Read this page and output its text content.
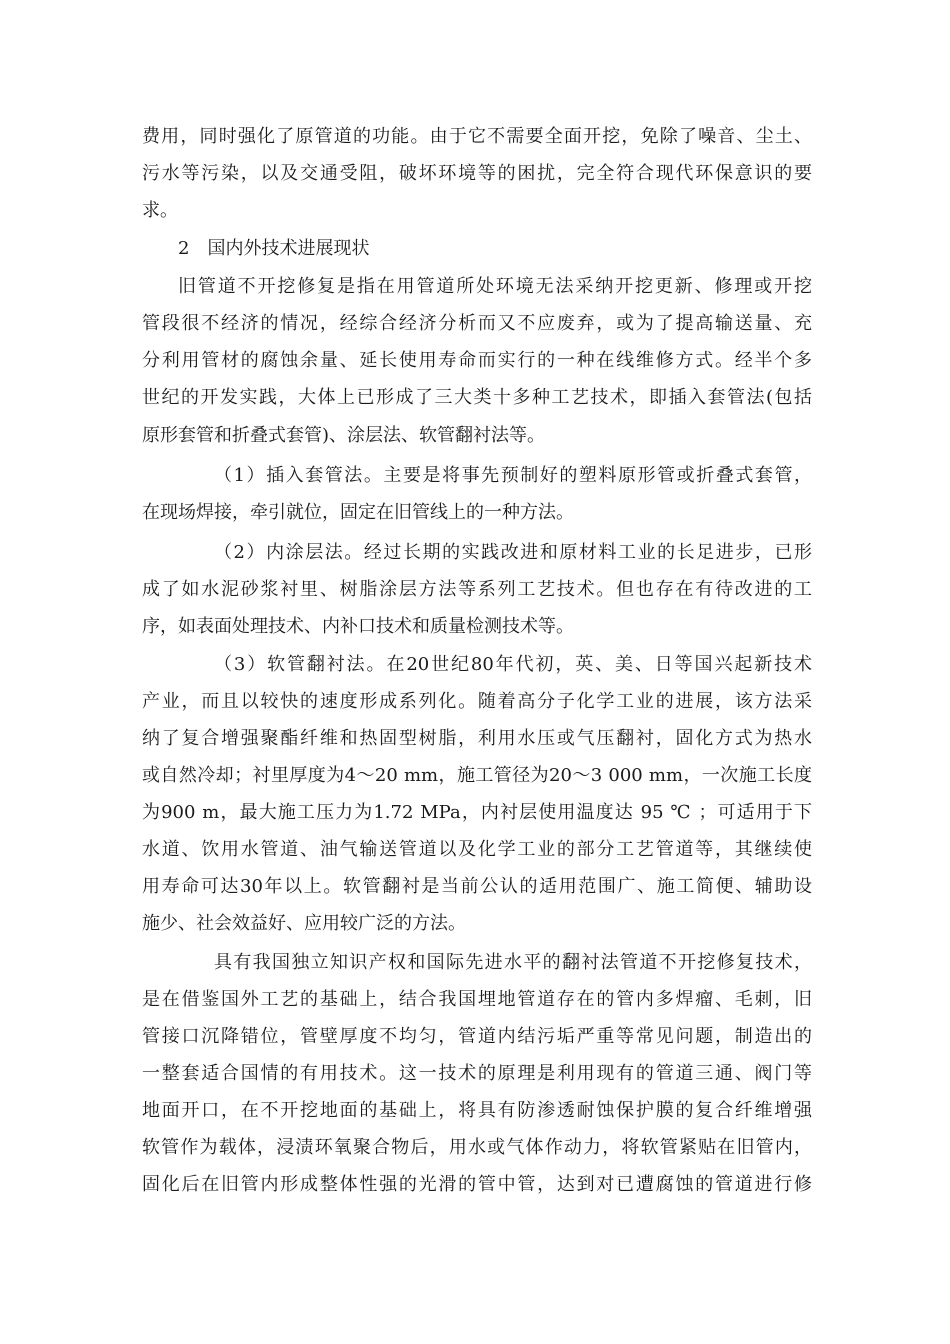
费用，同时强化了原管道的功能。由于它不需要全面开挖，免除了噪音、尘土、
污水等污染，以及交通受阻，破坏环境等的困扰，完全符合现代环保意识的要
求。
2　国内外技术进展现状
旧管道不开挖修复是指在用管道所处环境无法采纳开挖更新、修理或开挖
管段很不经济的情况，经综合经济分析而又不应废弃，或为了提高输送量、充
分利用管材的腐蚀余量、延长使用寿命而实行的一种在线维修方式。经半个多
世纪的开发实践，大体上已形成了三大类十多种工艺技术，即插入套管法(包括
原形套管和折叠式套管)、涂层法、软管翻衬法等。
（1）插入套管法。主要是将事先预制好的塑料原形管或折叠式套管，
在现场焊接，牵引就位，固定在旧管线上的一种方法。
（2）内涂层法。经过长期的实践改进和原材料工业的长足进步，已形
成了如水泥砂浆衬里、树脂涂层方法等系列工艺技术。但也存在有待改进的工
序，如表面处理技术、内补口技术和质量检测技术等。
（3）软管翻衬法。在20世纪80年代初，英、美、日等国兴起新技术
产业，而且以较快的速度形成系列化。随着高分子化学工业的进展，该方法采
纳了复合增强聚酯纤维和热固型树脂，利用水压或气压翻衬，固化方式为热水
或自然冷却；衬里厚度为4～20 mm，施工管径为20～3 000 mm，一次施工长度
为900 m，最大施工压力为1.72 MPa，内衬层使用温度达 95 ℃ ；可适用于下
水道、饮用水管道、油气输送管道以及化学工业的部分工艺管道等，其继续使
用寿命可达30年以上。软管翻衬是当前公认的适用范围广、施工简便、辅助设
施少、社会效益好、应用较广泛的方法。
具有我国独立知识产权和国际先进水平的翻衬法管道不开挖修复技术，
是在借鉴国外工艺的基础上，结合我国埋地管道存在的管内多焊瘤、毛刺，旧
管接口沉降错位，管壁厚度不均匀，管道内结污垢严重等常见问题，制造出的
一整套适合国情的有用技术。这一技术的原理是利用现有的管道三通、阀门等
地面开口，在不开挖地面的基础上，将具有防渗透耐蚀保护膜的复合纤维增强
软管作为载体，浸渍环氧聚合物后，用水或气体作动力，将软管紧贴在旧管内，
固化后在旧管内形成整体性强的光滑的管中管，达到对已遭腐蚀的管道进行修
